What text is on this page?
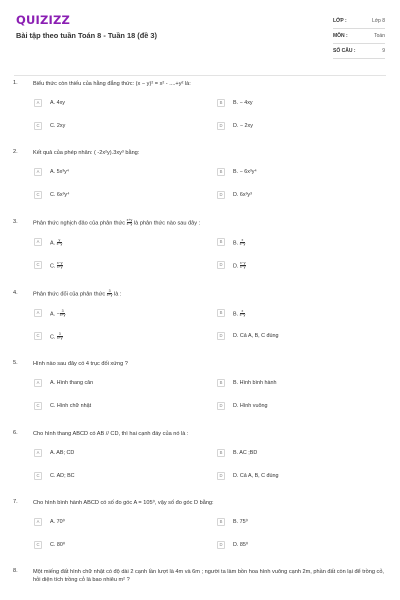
QUIZIZZ
Bài tập theo tuần Toán 8 - Tuần 18 (đề 3)
LỚP :	Lớp 8
MÔN :	Toán
SỐ CÂU :	9
1.	Biểu thức còn thiếu của hằng đẳng thức: (x − y)² = x² - ....+y² là:
A	A. 4xy	B	B. − 4xy
C	C. 2xy	D	D. − 2xy
2.	Kết quả của phép nhân: ( -2x²y).3xy³ bằng:
A	A. 5x³y⁴	B	B. − 6x³y⁴
C	C. 6x³y⁴	D	D. 6x³y³
3.	Phân thức nghịch đảo của phân thức $\frac{x+y}{x-y}$ là phân thức nào sau đây :
A	A. $\frac{y}{x-y}$	B	B. $\frac{x}{x-y}$
C	C. $\frac{x-y}{x+y}$	D	D. $\frac{x-y}{x-y}$
4.	Phân thức đối của phân thức $\frac{3}{x+y}$ là :
A	A. − $\frac{3}{x+y}$	B	B. $\frac{x}{x-y}$
C	C. $\frac{3}{x+y}$	D	D. Cả A, B, C đúng
5.	Hình nào sau đây có 4 trục đối xứng ?
A	A. Hình thang cân	B	B. Hình bình hành
C	C. Hình chữ nhật	D	D. Hình vuông
6.	Cho hình thang ABCD có AB // CD, thì hai cạnh đáy của nó là :
A	A. AB; CD	B	B. AC ;BD
C	C. AD; BC	D	D. Cả A, B, C đúng
7.	Cho hình bình hành ABCD có số đo góc A = 105⁰, vậy số đo góc D bằng:
A	A. 70⁰	B	B. 75⁰
C	C. 80⁰	D	D. 85⁰
8.	Một miếng đất hình chữ nhật có độ dài 2 cạnh lần lượt là 4m và 6m ; người ta làm bồn hoa hình vuông cạnh 2m, phần đất còn lại để trồng cỏ, hỏi diện tích trồng cỏ là bao nhiêu m² ?
